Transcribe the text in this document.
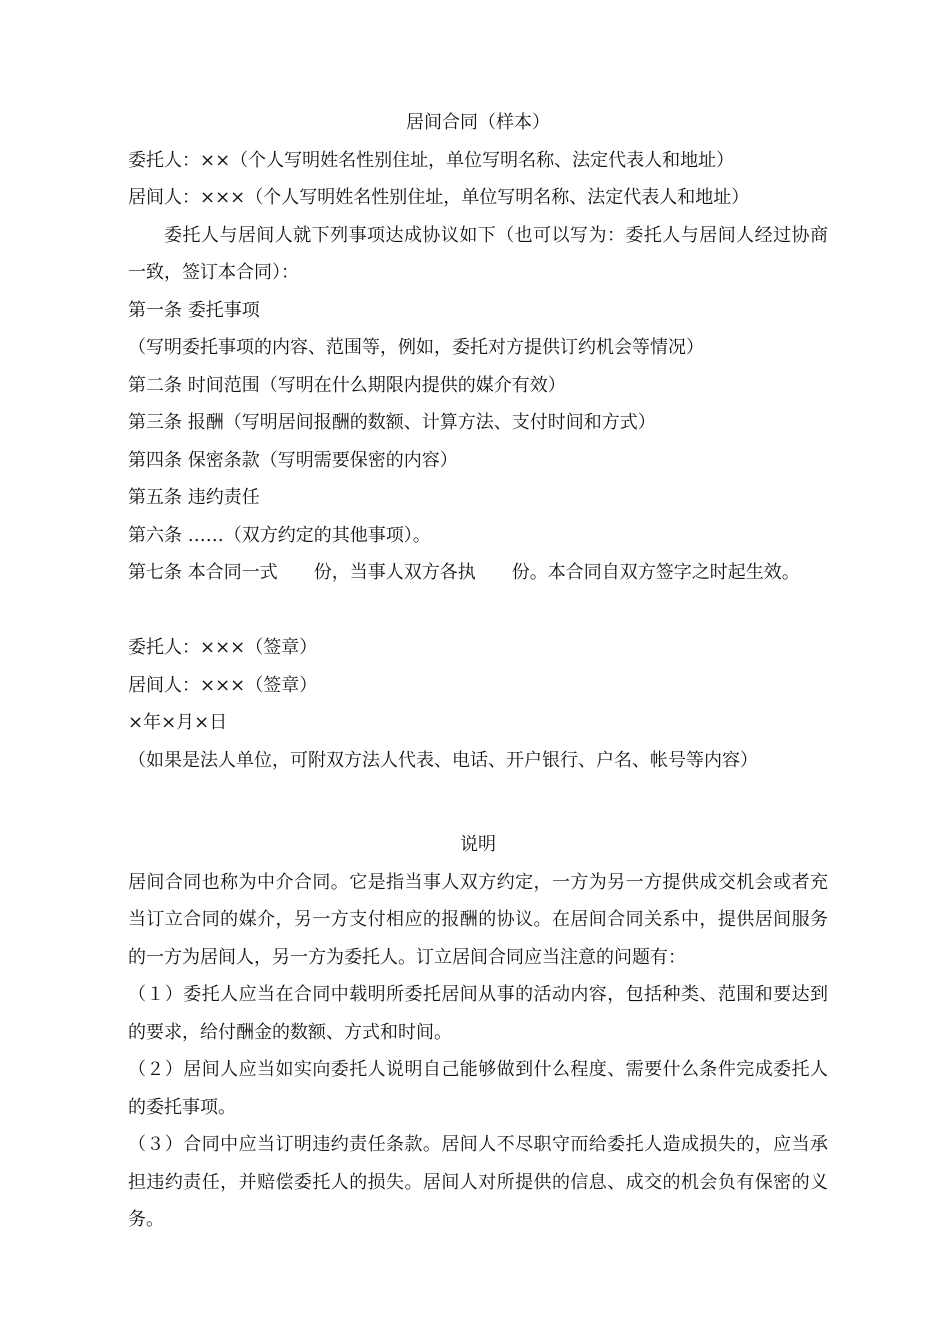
居间合同（样本）

委托人：××（个人写明姓名性别住址，单位写明名称、法定代表人和地址）

居间人：×××（个人写明姓名性别住址，单位写明名称、法定代表人和地址）

委托人与居间人就下列事项达成协议如下（也可以写为：委托人与居间人经过协商一致，签订本合同）：

第一条 委托事项

（写明委托事项的内容、范围等，例如，委托对方提供订约机会等情况）

第二条 时间范围（写明在什么期限内提供的媒介有效）

第三条 报酬（写明居间报酬的数额、计算方法、支付时间和方式）

第四条 保密条款（写明需要保密的内容）

第五条 违约责任

第六条 ……（双方约定的其他事项）。

第七条 本合同一式 份，当事人双方各执 份。本合同自双方签字之时起生效。

委托人：×××（签章）

居间人：×××（签章）

×年×月×日

（如果是法人单位，可附双方法人代表、电话、开户银行、户名、帐号等内容）

说明

居间合同也称为中介合同。它是指当事人双方约定，一方为另一方提供成交机会或者充当订立合同的媒介，另一方支付相应的报酬的协议。在居间合同关系中，提供居间服务的一方为居间人，另一方为委托人。订立居间合同应当注意的问题有：

（１）委托人应当在合同中载明所委托居间从事的活动内容，包括种类、范围和要达到的要求，给付酬金的数额、方式和时间。

（２）居间人应当如实向委托人说明自己能够做到什么程度、需要什么条件完成委托人的委托事项。

（３）合同中应当订明违约责任条款。居间人不尽职守而给委托人造成损失的，应当承担违约责任，并赔偿委托人的损失。居间人对所提供的信息、成交的机会负有保密的义务。
